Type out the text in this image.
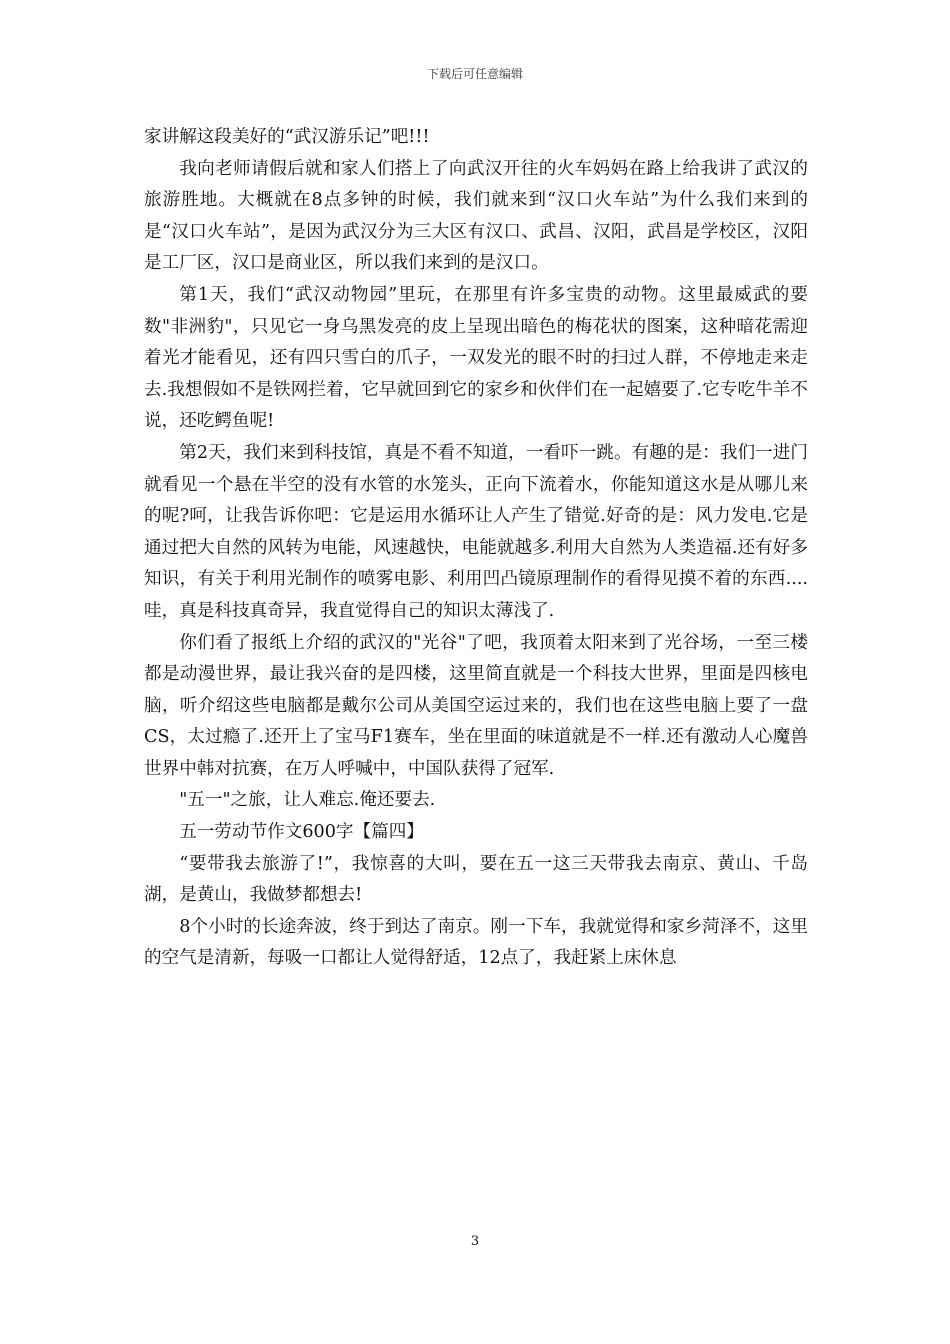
下载后可任意编辑

家讲解这段美好的“武汉游乐记”吧!!!

我向老师请假后就和家人们搭上了向武汉开往的火车妈妈在路上给我讲了武汉的旅游胜地。大概就在8点多钟的时候，我们就来到“汉口火车站”为什么我们来到的是“汉口火车站”，是因为武汉分为三大区有汉口、武昌、汉阳，武昌是学校区，汉阳是工厂区，汉口是商业区，所以我们来到的是汉口。

第1天，我们“武汉动物园”里玩，在那里有许多宝贵的动物。这里最威武的要数"非洲豹"，只见它一身乌黑发亮的皮上呈现出暗色的梅花状的图案，这种暗花需迎着光才能看见，还有四只雪白的爪子，一双发光的眼不时的扫过人群，不停地走来走去.我想假如不是铁网拦着，它早就回到它的家乡和伙伴们在一起嬉要了.它专吃牛羊不说，还吃鳄鱼呢!

第2天，我们来到科技馆，真是不看不知道，一看吓一跳。有趣的是：我们一进门就看见一个悬在半空的没有水管的水笼头，正向下流着水，你能知道这水是从哪儿来的呢?呵，让我告诉你吧：它是运用水循环让人产生了错觉.好奇的是：风力发电.它是通过把大自然的风转为电能，风速越快，电能就越多.利用大自然为人类造福.还有好多知识，有关于利用光制作的喷雾电影、利用凹凸镜原理制作的看得见摸不着的东西....哇，真是科技真奇异，我直觉得自己的知识太薄浅了.

你们看了报纸上介绍的武汉的"光谷"了吧，我顶着太阳来到了光谷场，一至三楼都是动漫世界，最让我兴奋的是四楼，这里简直就是一个科技大世界，里面是四核电脑，听介绍这些电脑都是戴尔公司从美国空运过来的，我们也在这些电脑上要了一盘CS，太过瘾了.还开上了宝马F1赛车，坐在里面的味道就是不一样.还有激动人心魔兽世界中韩对抗赛，在万人呼喊中，中国队获得了冠军.

"五一"之旅，让人难忘.俺还要去.

五一劳动节作文600字【篇四】

“要带我去旅游了!”，我惊喜的大叫，要在五一这三天带我去南京、黄山、千岛湖，是黄山，我做梦都想去!

8个小时的长途奔波，终于到达了南京。刚一下车，我就觉得和家乡菏泽不，这里的空气是清新，每吸一口都让人觉得舒适，12点了，我赶紧上床休息

3
